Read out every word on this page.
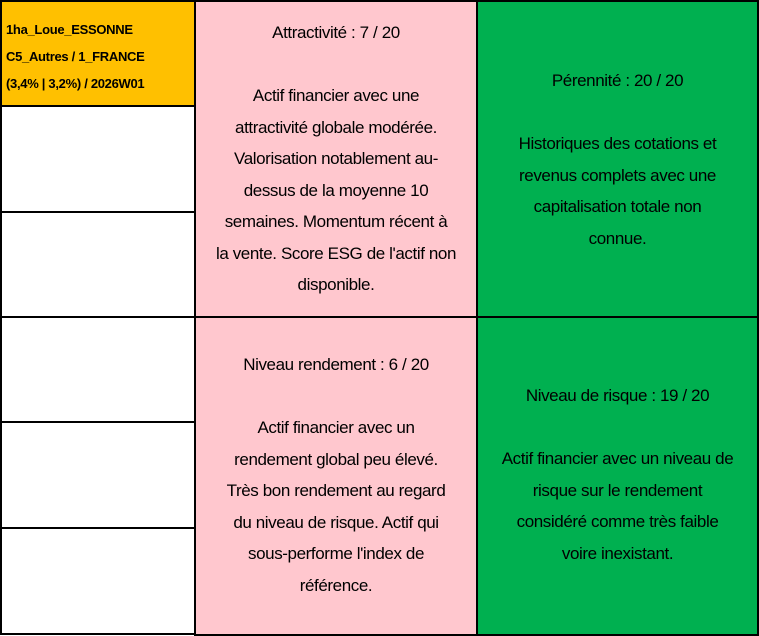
1ha_Loue_ESSONNE
C5_Autres / 1_FRANCE
(3,4% | 3,2%) / 2026W01
Attractivité : 7 / 20
Actif financier avec une
attractivité globale modérée.
Valorisation notablement au-
dessus de la moyenne 10
semaines. Momentum récent à
la vente. Score ESG de l'actif non
disponible.
Pérennité : 20 / 20
Historiques des cotations et
revenus complets avec une
capitalisation totale non
connue.
Niveau rendement : 6 / 20
Actif financier avec un
rendement global peu élevé.
Très bon rendement au regard
du niveau de risque. Actif qui
sous-performe l'index de
référence.
Niveau de risque : 19 / 20
Actif financier avec un niveau de
risque sur le rendement
considéré comme très faible
voire inexistant.
